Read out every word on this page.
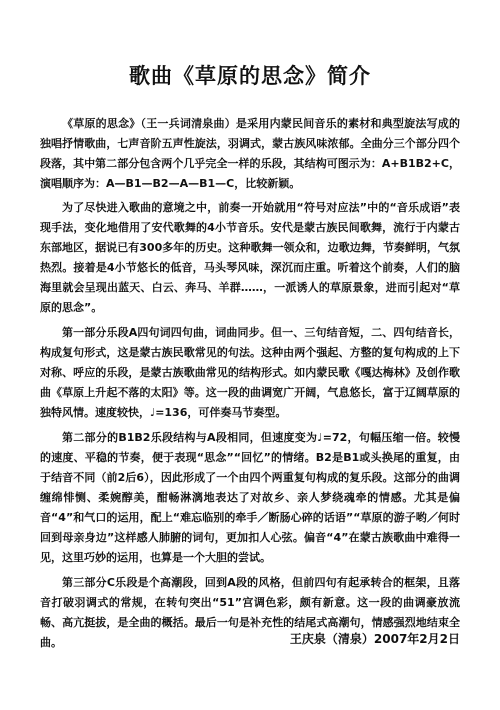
歌曲《草原的思念》简介

《草原的思念》（王一兵词清泉曲）是采用内蒙民间音乐的素材和典型旋法写成的独唱抒情歌曲，七声音阶五声性旋法，羽调式，蒙古族风味浓郁。全曲分三个部分四个段落，其中第二部分包含两个几乎完全一样的乐段，其结构可图示为：A+B1B2+C，演唱顺序为：A—B1—B2—A—B1—C，比较新颖。

为了尽快进入歌曲的意境之中，前奏一开始就用“符号对应法”中的“音乐成语”表现手法，变化地借用了安代歌舞的4小节音乐。安代是蒙古族民间歌舞，流行于内蒙古东部地区，据说已有300多年的历史。这种歌舞一领众和，边歌边舞，节奏鲜明，气氛热烈。接着是4小节悠长的低音，马头琴风味，深沉而庄重。听着这个前奏，人们的脑海里就会呈现出蓝天、白云、奔马、羊群……，一派诱人的草原景象，进而引起对“草原的思念”。

第一部分乐段A四句词四句曲，词曲同步。但一、三句结音短，二、四句结音长，构成复句形式，这是蒙古族民歌常见的句法。这种由两个强起、方整的复句构成的上下对称、呼应的乐段，是蒙古族歌曲常见的结构形式。如内蒙民歌《嘎达梅林》及创作歌曲《草原上升起不落的太阳》等。这一段的曲调宽广开阔，气息悠长，富于辽阔草原的独特风情。速度较快，♩=136，可伴奏马节奏型。

第二部分的B1B2乐段结构与A段相同，但速度变为♩=72，句幅压缩一倍。较慢的速度、平稳的节奏，便于表现“思念”“回忆”的情绪。B2是B1或头换尾的重复，由于结音不同（前2后6），因此形成了一个由四个两重复句构成的复乐段。这部分的曲调缠绵悱恻、柔婉醇美，酣畅淋漓地表达了对故乡、亲人梦绕魂牵的情感。尤其是偏音“4”和气口的运用，配上“难忘临别的牵手／断肠心碎的话语”“草原的游子哟／何时回到母亲身边”这样感人肺腑的词句，更加扣人心弦。偏音“4”在蒙古族歌曲中难得一见，这里巧妙的运用，也算是一个大胆的尝试。

第三部分C乐段是个高潮段，回到A段的风格，但前四句有起承转合的框架，且落音打破羽调式的常规，在转句突出“51”宫调色彩，颇有新意。这一段的曲调豪放流畅、高亢挺拔，是全曲的概括。最后一句是补充性的结尾式高潮句，情感强烈地结束全曲。	王庆泉（清泉）2007年2月2日
